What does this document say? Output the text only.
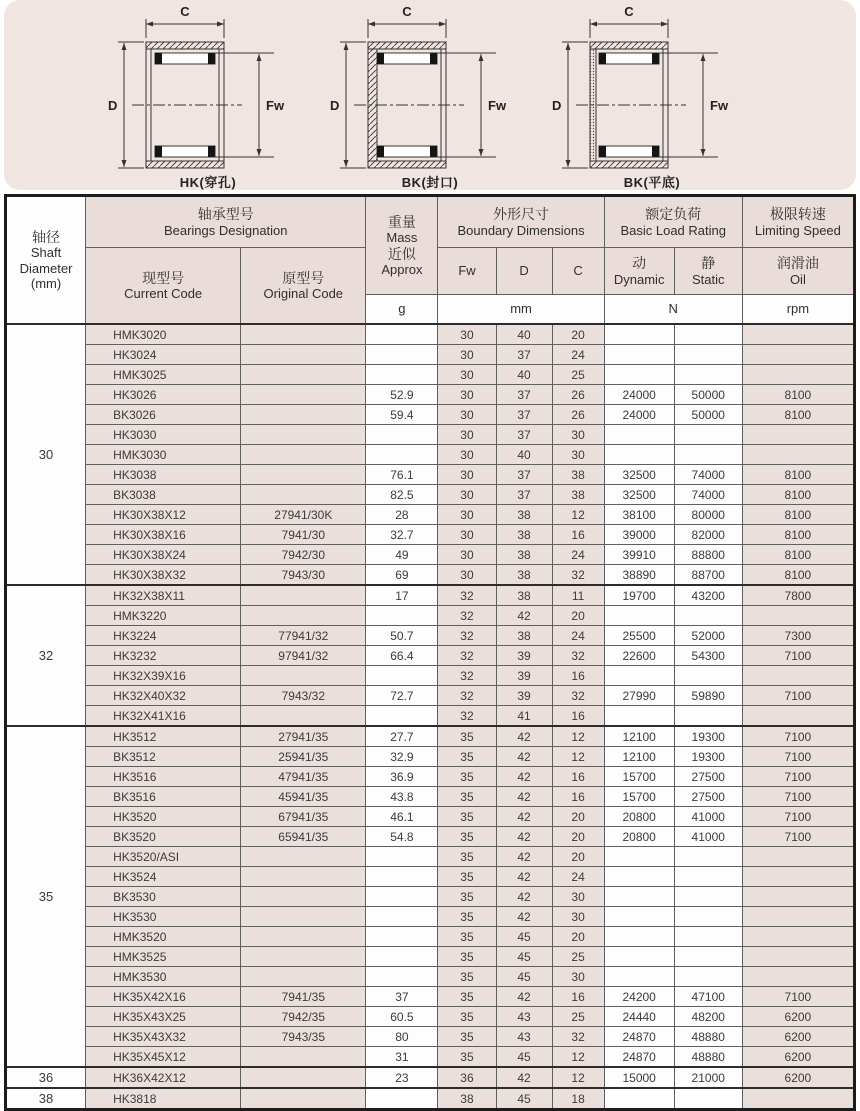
C
D	Fw
HK(穿孔)
C
D	Fw
BK(封口)
C
D	Fw
BK(平底)
轴径
Shaft
Diameter
(mm)

轴承型号
Bearings Designation

重量
Mass
近似
Approx

外形尺寸
Boundary Dimensions

额定负荷
Basic Load Rating

极限转速
Limiting Speed

现型号
Current Code

原型号
Original Code
	Fw	D	C	动
Dynamic

静
Static

润滑油
Oil

			g	mm			N		rpm
30	HMK3020			30	40	20			
	HK3024			30	37	24			
	HMK3025			30	40	25			
	HK3026		52.9	30	37	26	24000	50000	8100
	BK3026		59.4	30	37	26	24000	50000	8100
	HK3030			30	37	30			
	HMK3030			30	40	30			
	HK3038		76.1	30	37	38	32500	74000	8100
	BK3038		82.5	30	37	38	32500	74000	8100
	HK30X38X12	27941/30K	28	30	38	12	38100	80000	8100
	HK30X38X16	7941/30	32.7	30	38	16	39000	82000	8100
	HK30X38X24	7942/30	49	30	38	24	39910	88800	8100
	HK30X38X32	7943/30	69	30	38	32	38890	88700	8100
32	HK32X38X11		17	32	38	11	19700	43200	7800
	HMK3220			32	42	20			
	HK3224	77941/32	50.7	32	38	24	25500	52000	7300
	HK3232	97941/32	66.4	32	39	32	22600	54300	7100
	HK32X39X16			32	39	16			
	HK32X40X32	7943/32	72.7	32	39	32	27990	59890	7100
	HK32X41X16			32	41	16			
35	HK3512	27941/35	27.7	35	42	12	12100	19300	7100
	BK3512	25941/35	32.9	35	42	12	12100	19300	7100
	HK3516	47941/35	36.9	35	42	16	15700	27500	7100
	BK3516	45941/35	43.8	35	42	16	15700	27500	7100
	HK3520	67941/35	46.1	35	42	20	20800	41000	7100
	BK3520	65941/35	54.8	35	42	20	20800	41000	7100
	HK3520/ASI			35	42	20			
	HK3524			35	42	24			
	BK3530			35	42	30			
	HK3530			35	42	30			
	HMK3520			35	45	20			
	HMK3525			35	45	25			
	HMK3530			35	45	30			
	HK35X42X16	7941/35	37	35	42	16	24200	47100	7100
	HK35X43X25	7942/35	60.5	35	43	25	24440	48200	6200
	HK35X43X32	7943/35	80	35	43	32	24870	48880	6200
	HK35X45X12		31	35	45	12	24870	48880	6200
36	HK36X42X12		23	36	42	12	15000	21000	6200
38	HK3818			38	45	18			
